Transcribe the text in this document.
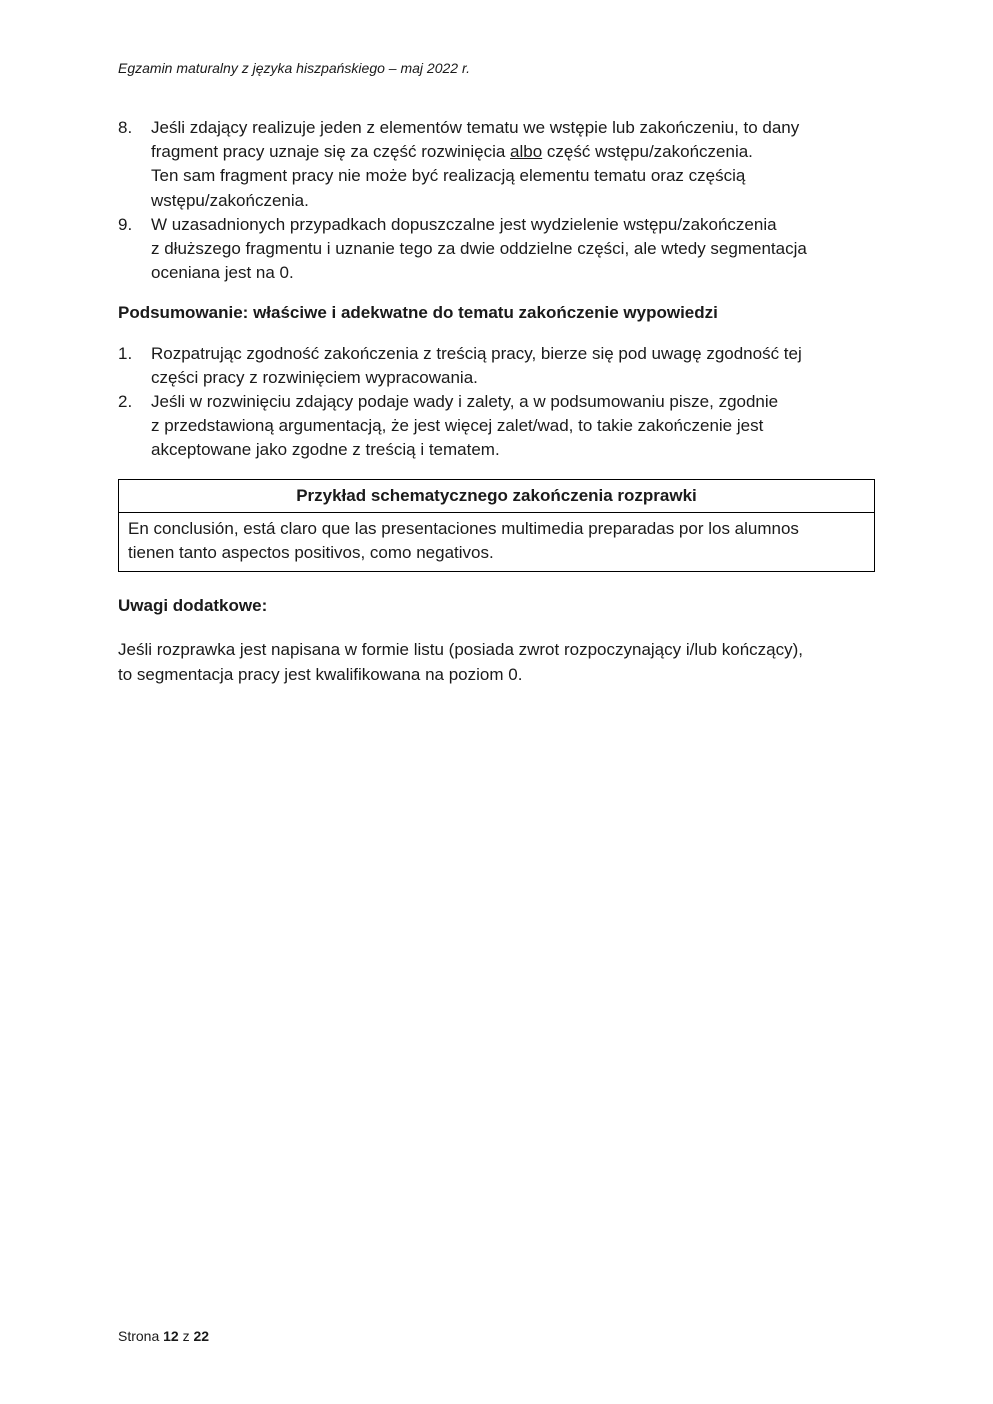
Egzamin maturalny z języka hiszpańskiego – maj 2022 r.
8. Jeśli zdający realizuje jeden z elementów tematu we wstępie lub zakończeniu, to dany
fragment pracy uznaje się za część rozwinięcia albo część wstępu/zakończenia.
Ten sam fragment pracy nie może być realizacją elementu tematu oraz częścią
wstępu/zakończenia.
9. W uzasadnionych przypadkach dopuszczalne jest wydzielenie wstępu/zakończenia
z dłuższego fragmentu i uznanie tego za dwie oddzielne części, ale wtedy segmentacja
oceniana jest na 0.

Podsumowanie: właściwe i adekwatne do tematu zakończenie wypowiedzi

1. Rozpatrując zgodność zakończenia z treścią pracy, bierze się pod uwagę zgodność tej
części pracy z rozwinięciem wypracowania.
2. Jeśli w rozwinięciu zdający podaje wady i zalety, a w podsumowaniu pisze, zgodnie
z przedstawioną argumentacją, że jest więcej zalet/wad, to takie zakończenie jest
akceptowane jako zgodne z treścią i tematem.
Przykład schematycznego zakończenia rozprawki
En conclusión, está claro que las presentaciones multimedia preparadas por los alumnos
tienen tanto aspectos positivos, como negativos.

Uwagi dodatkowe:

Jeśli rozprawka jest napisana w formie listu (posiada zwrot rozpoczynający i/lub kończący),
to segmentacja pracy jest kwalifikowana na poziom 0.

Strona 12 z 22
